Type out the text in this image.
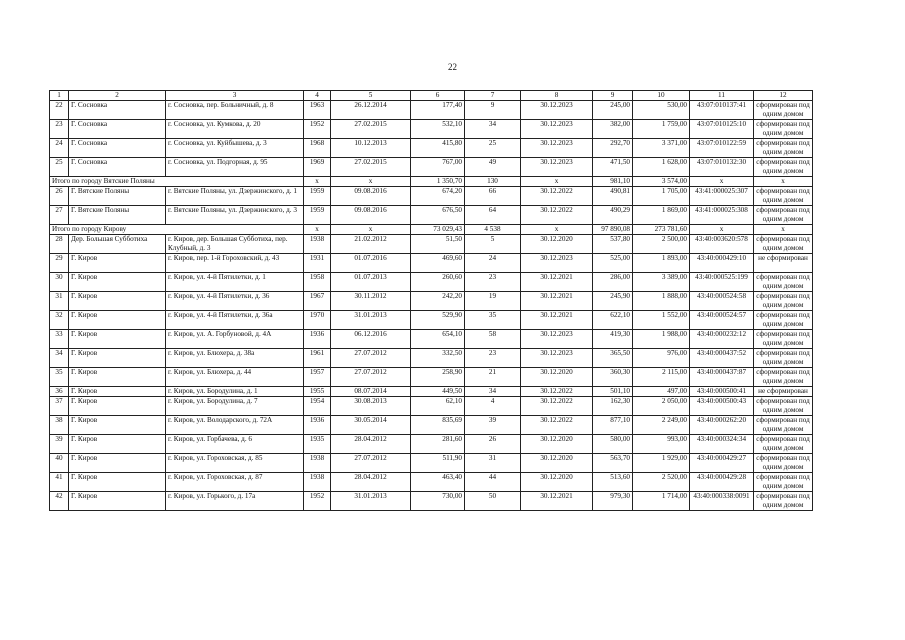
22
1	2	3	4	5	6	7	8	9	10	11	12
22	Г. Сосновка	г. Сосновка, пер. Больничный, д. 8	1963	26.12.2014	177,40	9	30.12.2023	245,00	530,00	43:07:010137:41	сформирован под одним домом
23	Г. Сосновка	г. Сосновка, ул. Кумкова, д. 20	1952	27.02.2015	532,10	34	30.12.2023	382,00	1 759,00	43:07:010125:10	сформирован под одним домом
24	Г. Сосновка	г. Сосновка, ул. Куйбышева, д. 3	1968	10.12.2013	415,80	25	30.12.2023	292,70	3 371,00	43:07:010122:59	сформирован под одним домом
25	Г. Сосновка	г. Сосновка, ул. Подгорная, д. 95	1969	27.02.2015	767,00	49	30.12.2023	471,50	1 628,00	43:07:010132:30	сформирован под одним домом
Итого по городу Вятские Поляны			х	х	1 350,70	130	х	981,10	3 574,00	х	х
26	Г. Вятские Поляны	г. Вятские Поляны, ул. Дзержинского, д. 1	1959	09.08.2016	674,20	66	30.12.2022	490,81	1 705,00	43:41:000025:307	сформирован под одним домом
27	Г. Вятские Поляны	г. Вятские Поляны, ул. Дзержинского, д. 3	1959	09.08.2016	676,50	64	30.12.2022	490,29	1 869,00	43:41:000025:308	сформирован под одним домом
Итого по городу Кирову			х	х	73 029,43	4 538	х	97 890,08	273 781,60	х	х
28	Дер. Большая Субботиха	г. Киров, дер. Большая Субботиха, пер. Клубный, д. 3	1938	21.02.2012	51,50	5	30.12.2020	537,80	2 500,00	43:40:003620:578	сформирован под одним домом
29	Г. Киров	г. Киров, пер. 1-й Гороховский, д. 43	1931	01.07.2016	469,60	24	30.12.2023	525,00	1 893,00	43:40:000429:10	не сформирован
30	Г. Киров	г. Киров, ул. 4-й Пятилетки, д. 1	1958	01.07.2013	260,60	23	30.12.2021	286,00	3 389,00	43:40:000525:199	сформирован под одним домом
31	Г. Киров	г. Киров, ул. 4-й Пятилетки, д. 36	1967	30.11.2012	242,20	19	30.12.2021	245,90	1 888,00	43:40:000524:58	сформирован под одним домом
32	Г. Киров	г. Киров, ул. 4-й Пятилетки, д. 36а	1970	31.01.2013	529,90	35	30.12.2021	622,10	1 552,00	43:40:000524:57	сформирован под одним домом
33	Г. Киров	г. Киров, ул. А. Горбуновой, д. 4А	1936	06.12.2016	654,10	58	30.12.2023	419,30	1 988,00	43:40:000232:12	сформирован под одним домом
34	Г. Киров	г. Киров, ул. Блюхера, д. 38а	1961	27.07.2012	332,50	23	30.12.2023	365,50	976,00	43:40:000437:52	сформирован под одним домом
35	Г. Киров	г. Киров, ул. Блюхера, д. 44	1957	27.07.2012	258,90	21	30.12.2020	360,30	2 115,00	43:40:000437:87	сформирован под одним домом
36	Г. Киров	г. Киров, ул. Бородулина, д. 1	1955	08.07.2014	449,50	34	30.12.2022	501,10	497,00	43:40:000500:41	не сформирован
37	Г. Киров	г. Киров, ул. Бородулина, д. 7	1954	30.08.2013	62,10	4	30.12.2022	162,30	2 050,00	43:40:000500:43	сформирован под одним домом
38	Г. Киров	г. Киров, ул. Володарского, д. 72А	1936	30.05.2014	835,69	39	30.12.2022	877,10	2 249,00	43:40:000262:20	сформирован под одним домом
39	Г. Киров	г. Киров, ул. Горбачева, д. 6	1935	28.04.2012	281,60	26	30.12.2020	580,00	993,00	43:40:000324:34	сформирован под одним домом
40	Г. Киров	г. Киров, ул. Гороховская, д. 85	1938	27.07.2012	511,90	31	30.12.2020	563,70	1 929,00	43:40:000429:27	сформирован под одним домом
41	Г. Киров	г. Киров, ул. Гороховская, д. 87	1938	28.04.2012	463,40	44	30.12.2020	513,60	2 520,00	43:40:000429:28	сформирован под одним домом
42	Г. Киров	г. Киров, ул. Горького, д. 17а	1952	31.01.2013	730,00	50	30.12.2021	979,30	1 714,00	43:40:000338:0091	сформирован под одним домом
